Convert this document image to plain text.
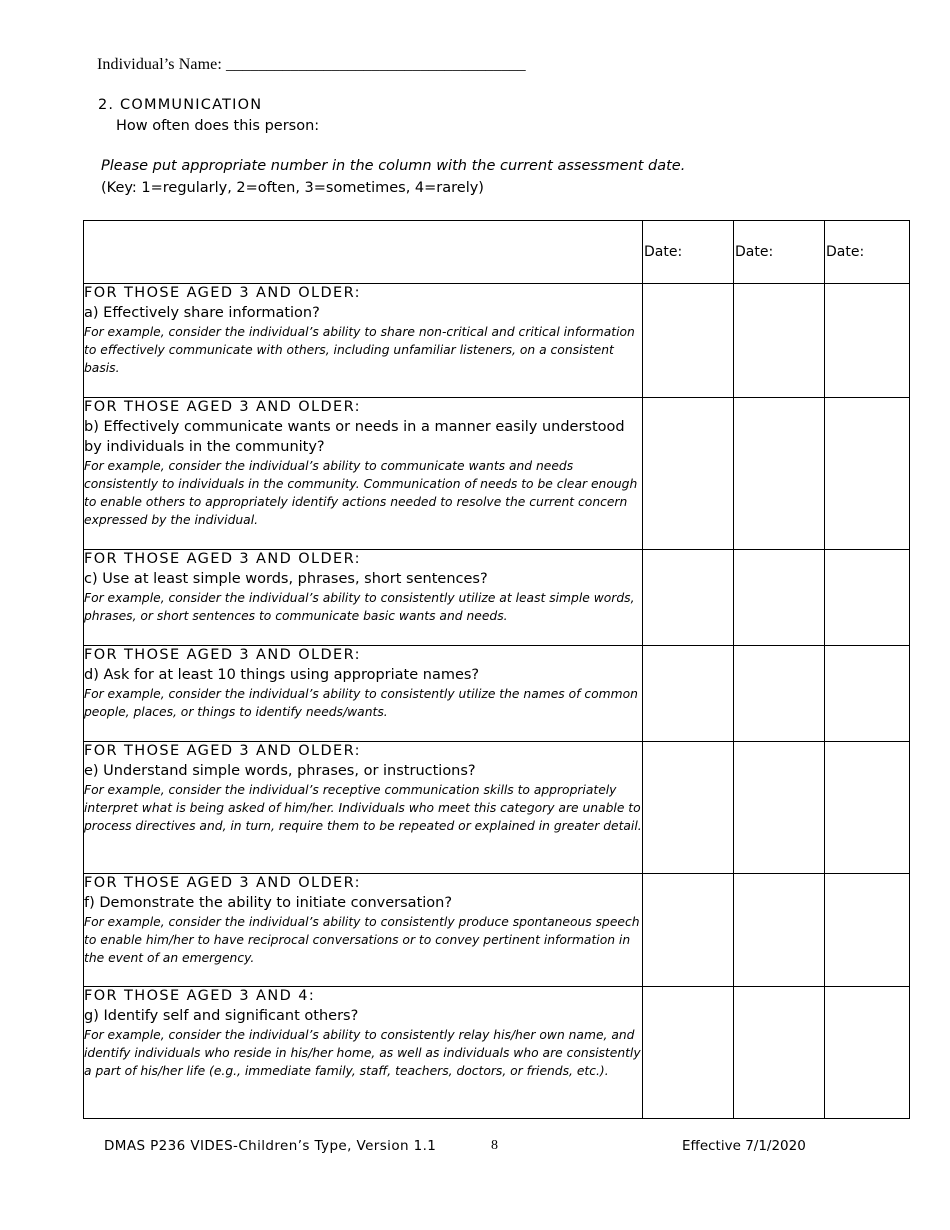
Individual’s Name: _____________________________________
2. COMMUNICATION
How often does this person:
Please put appropriate number in the column with the current assessment date.
(Key: 1=regularly, 2=often, 3=sometimes, 4=rarely)
	Date:	Date:	Date:

FOR THOSE AGED 3 AND OLDER:
a) Effectively share information?
For example, consider the individual’s ability to share non-critical and critical information to effectively communicate with others, including unfamiliar listeners, on a consistent basis.			

FOR THOSE AGED 3 AND OLDER:
b) Effectively communicate wants or needs in a manner easily understood by individuals in the community?
For example, consider the individual’s ability to communicate wants and needs consistently to individuals in the community. Communication of needs to be clear enough to enable others to appropriately identify actions needed to resolve the current concern expressed by the individual.			

FOR THOSE AGED 3 AND OLDER:
c) Use at least simple words, phrases, short sentences?
For example, consider the individual’s ability to consistently utilize at least simple words, phrases, or short sentences to communicate basic wants and needs.			

FOR THOSE AGED 3 AND OLDER:
d) Ask for at least 10 things using appropriate names?
For example, consider the individual’s ability to consistently utilize the names of common people, places, or things to identify needs/wants.			

FOR THOSE AGED 3 AND OLDER:
e) Understand simple words, phrases, or instructions?
For example, consider the individual’s receptive communication skills to appropriately interpret what is being asked of him/her. Individuals who meet this category are unable to process directives and, in turn, require them to be repeated or explained in greater detail.			

FOR THOSE AGED 3 AND OLDER:
f) Demonstrate the ability to initiate conversation?
For example, consider the individual’s ability to consistently produce spontaneous speech to enable him/her to have reciprocal conversations or to convey pertinent information in the event of an emergency.			

FOR THOSE AGED 3 AND 4:
g) Identify self and significant others?
For example, consider the individual’s ability to consistently relay his/her own name, and identify individuals who reside in his/her home, as well as individuals who are consistently a part of his/her life (e.g., immediate family, staff, teachers, doctors, or friends, etc.).			

DMAS P236 VIDES-Children’s Type, Version 1.1	8	Effective 7/1/2020
